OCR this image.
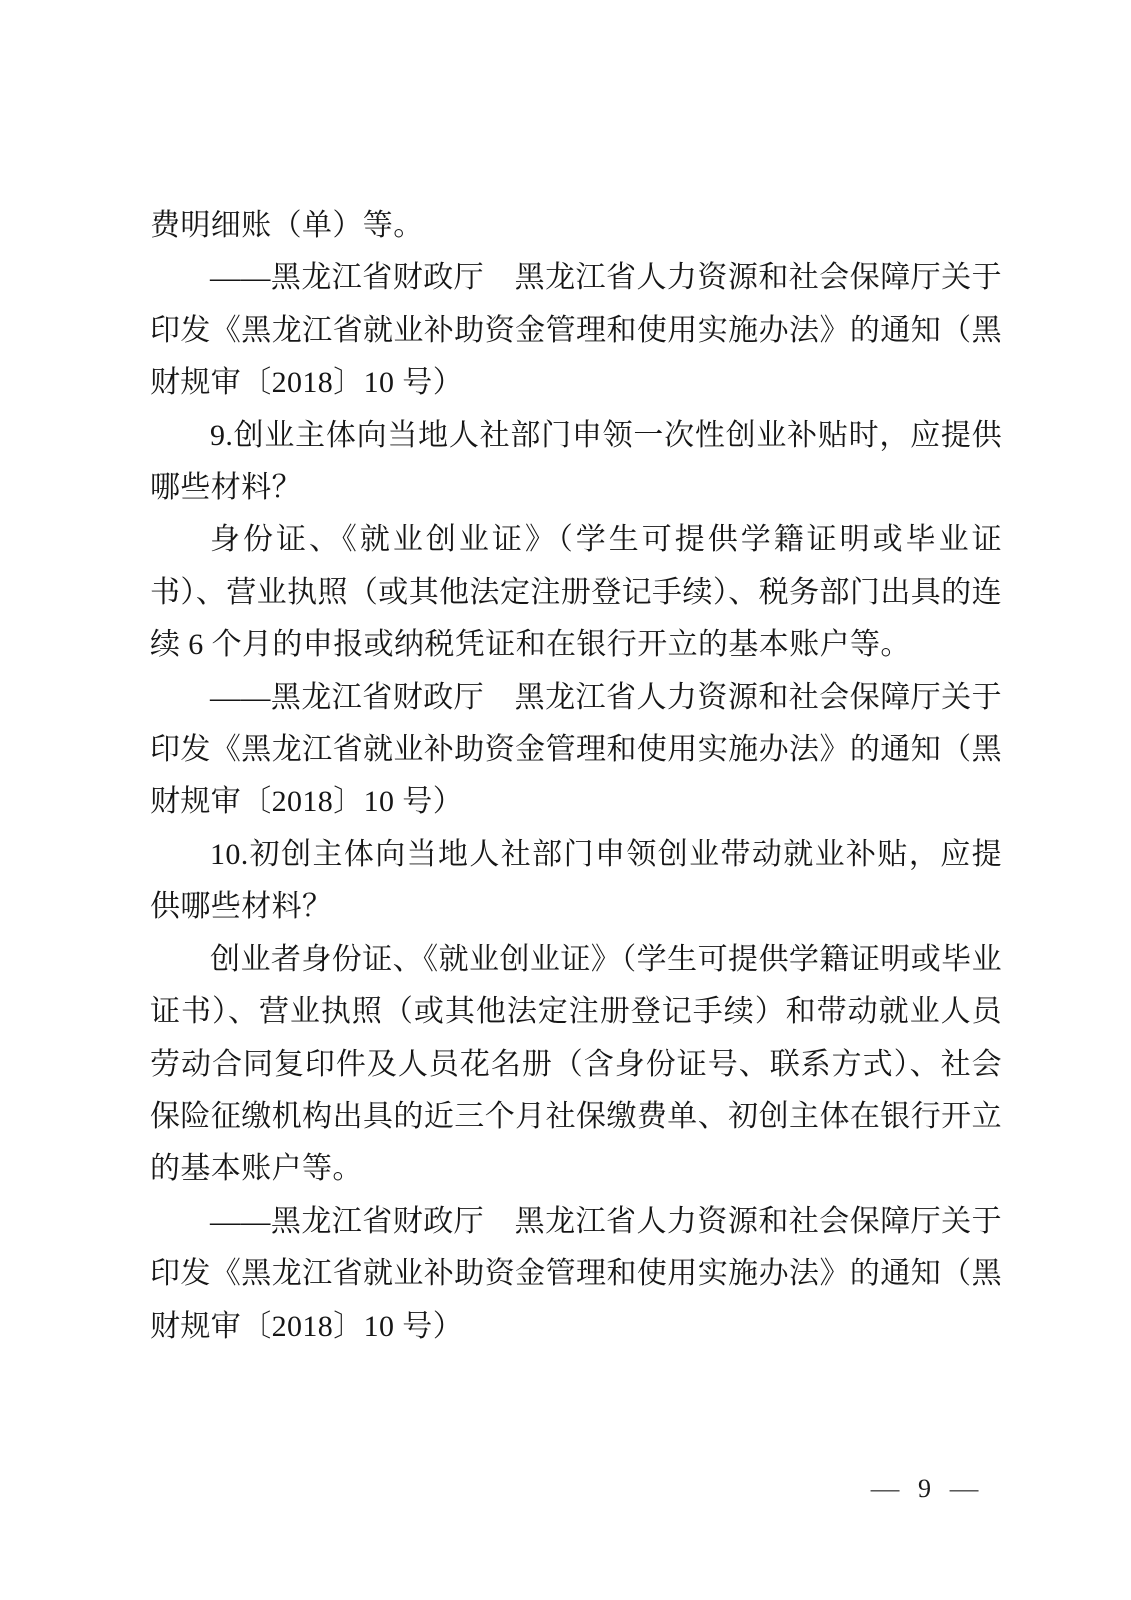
费明细账（单）等。

——黑龙江省财政厅　黑龙江省人力资源和社会保障厅关于印发《黑龙江省就业补助资金管理和使用实施办法》的通知（黑财规审〔2018〕10 号）

9.创业主体向当地人社部门申领一次性创业补贴时，应提供哪些材料？

身份证、《就业创业证》（学生可提供学籍证明或毕业证书）、营业执照（或其他法定注册登记手续）、税务部门出具的连续 6 个月的申报或纳税凭证和在银行开立的基本账户等。

——黑龙江省财政厅　黑龙江省人力资源和社会保障厅关于印发《黑龙江省就业补助资金管理和使用实施办法》的通知（黑财规审〔2018〕10 号）

10.初创主体向当地人社部门申领创业带动就业补贴，应提供哪些材料？

创业者身份证、《就业创业证》（学生可提供学籍证明或毕业证书）、营业执照（或其他法定注册登记手续）和带动就业人员劳动合同复印件及人员花名册（含身份证号、联系方式）、社会保险征缴机构出具的近三个月社保缴费单、初创主体在银行开立的基本账户等。

——黑龙江省财政厅　黑龙江省人力资源和社会保障厅关于印发《黑龙江省就业补助资金管理和使用实施办法》的通知（黑财规审〔2018〕10 号）

— 9 —
